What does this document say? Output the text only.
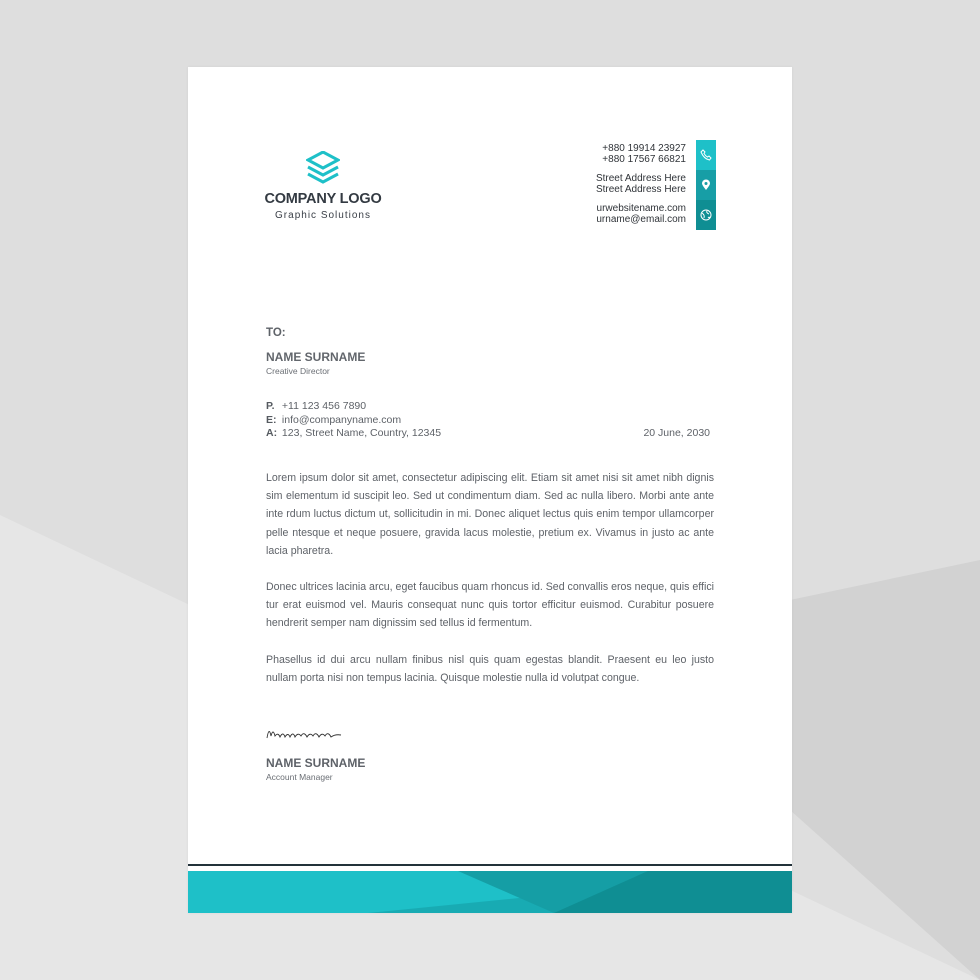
COMPANY LOGO
Graphic Solutions
+880 19914 23927
+880 17567 66821
Street Address Here
Street Address Here
urwebsitename.com
urname@email.com
TO:
NAME SURNAME
Creative Director
P. +11 123 456 7890
E: info@companyname.com
A: 123, Street Name, Country, 12345	20 June, 2030
Lorem ipsum dolor sit amet, consectetur adipiscing elit. Etiam sit amet nisi sit amet nibh dignis sim elementum id suscipit leo. Sed ut condimentum diam. Sed ac nulla libero. Morbi ante ante inte rdum luctus dictum ut, sollicitudin in mi. Donec aliquet lectus quis enim tempor ullamcorper pelle ntesque et neque posuere, gravida lacus molestie, pretium ex. Vivamus in justo ac ante lacia pharetra.
Donec ultrices lacinia arcu, eget faucibus quam rhoncus id. Sed convallis eros neque, quis effici tur erat euismod vel. Mauris consequat nunc quis tortor efficitur euismod. Curabitur posuere hendrerit semper nam dignissim sed tellus id fermentum.
Phasellus id dui arcu nullam finibus nisl quis quam egestas blandit. Praesent eu leo justo nullam porta nisi non tempus lacinia. Quisque molestie nulla id volutpat congue.
NAME SURNAME
Account Manager
